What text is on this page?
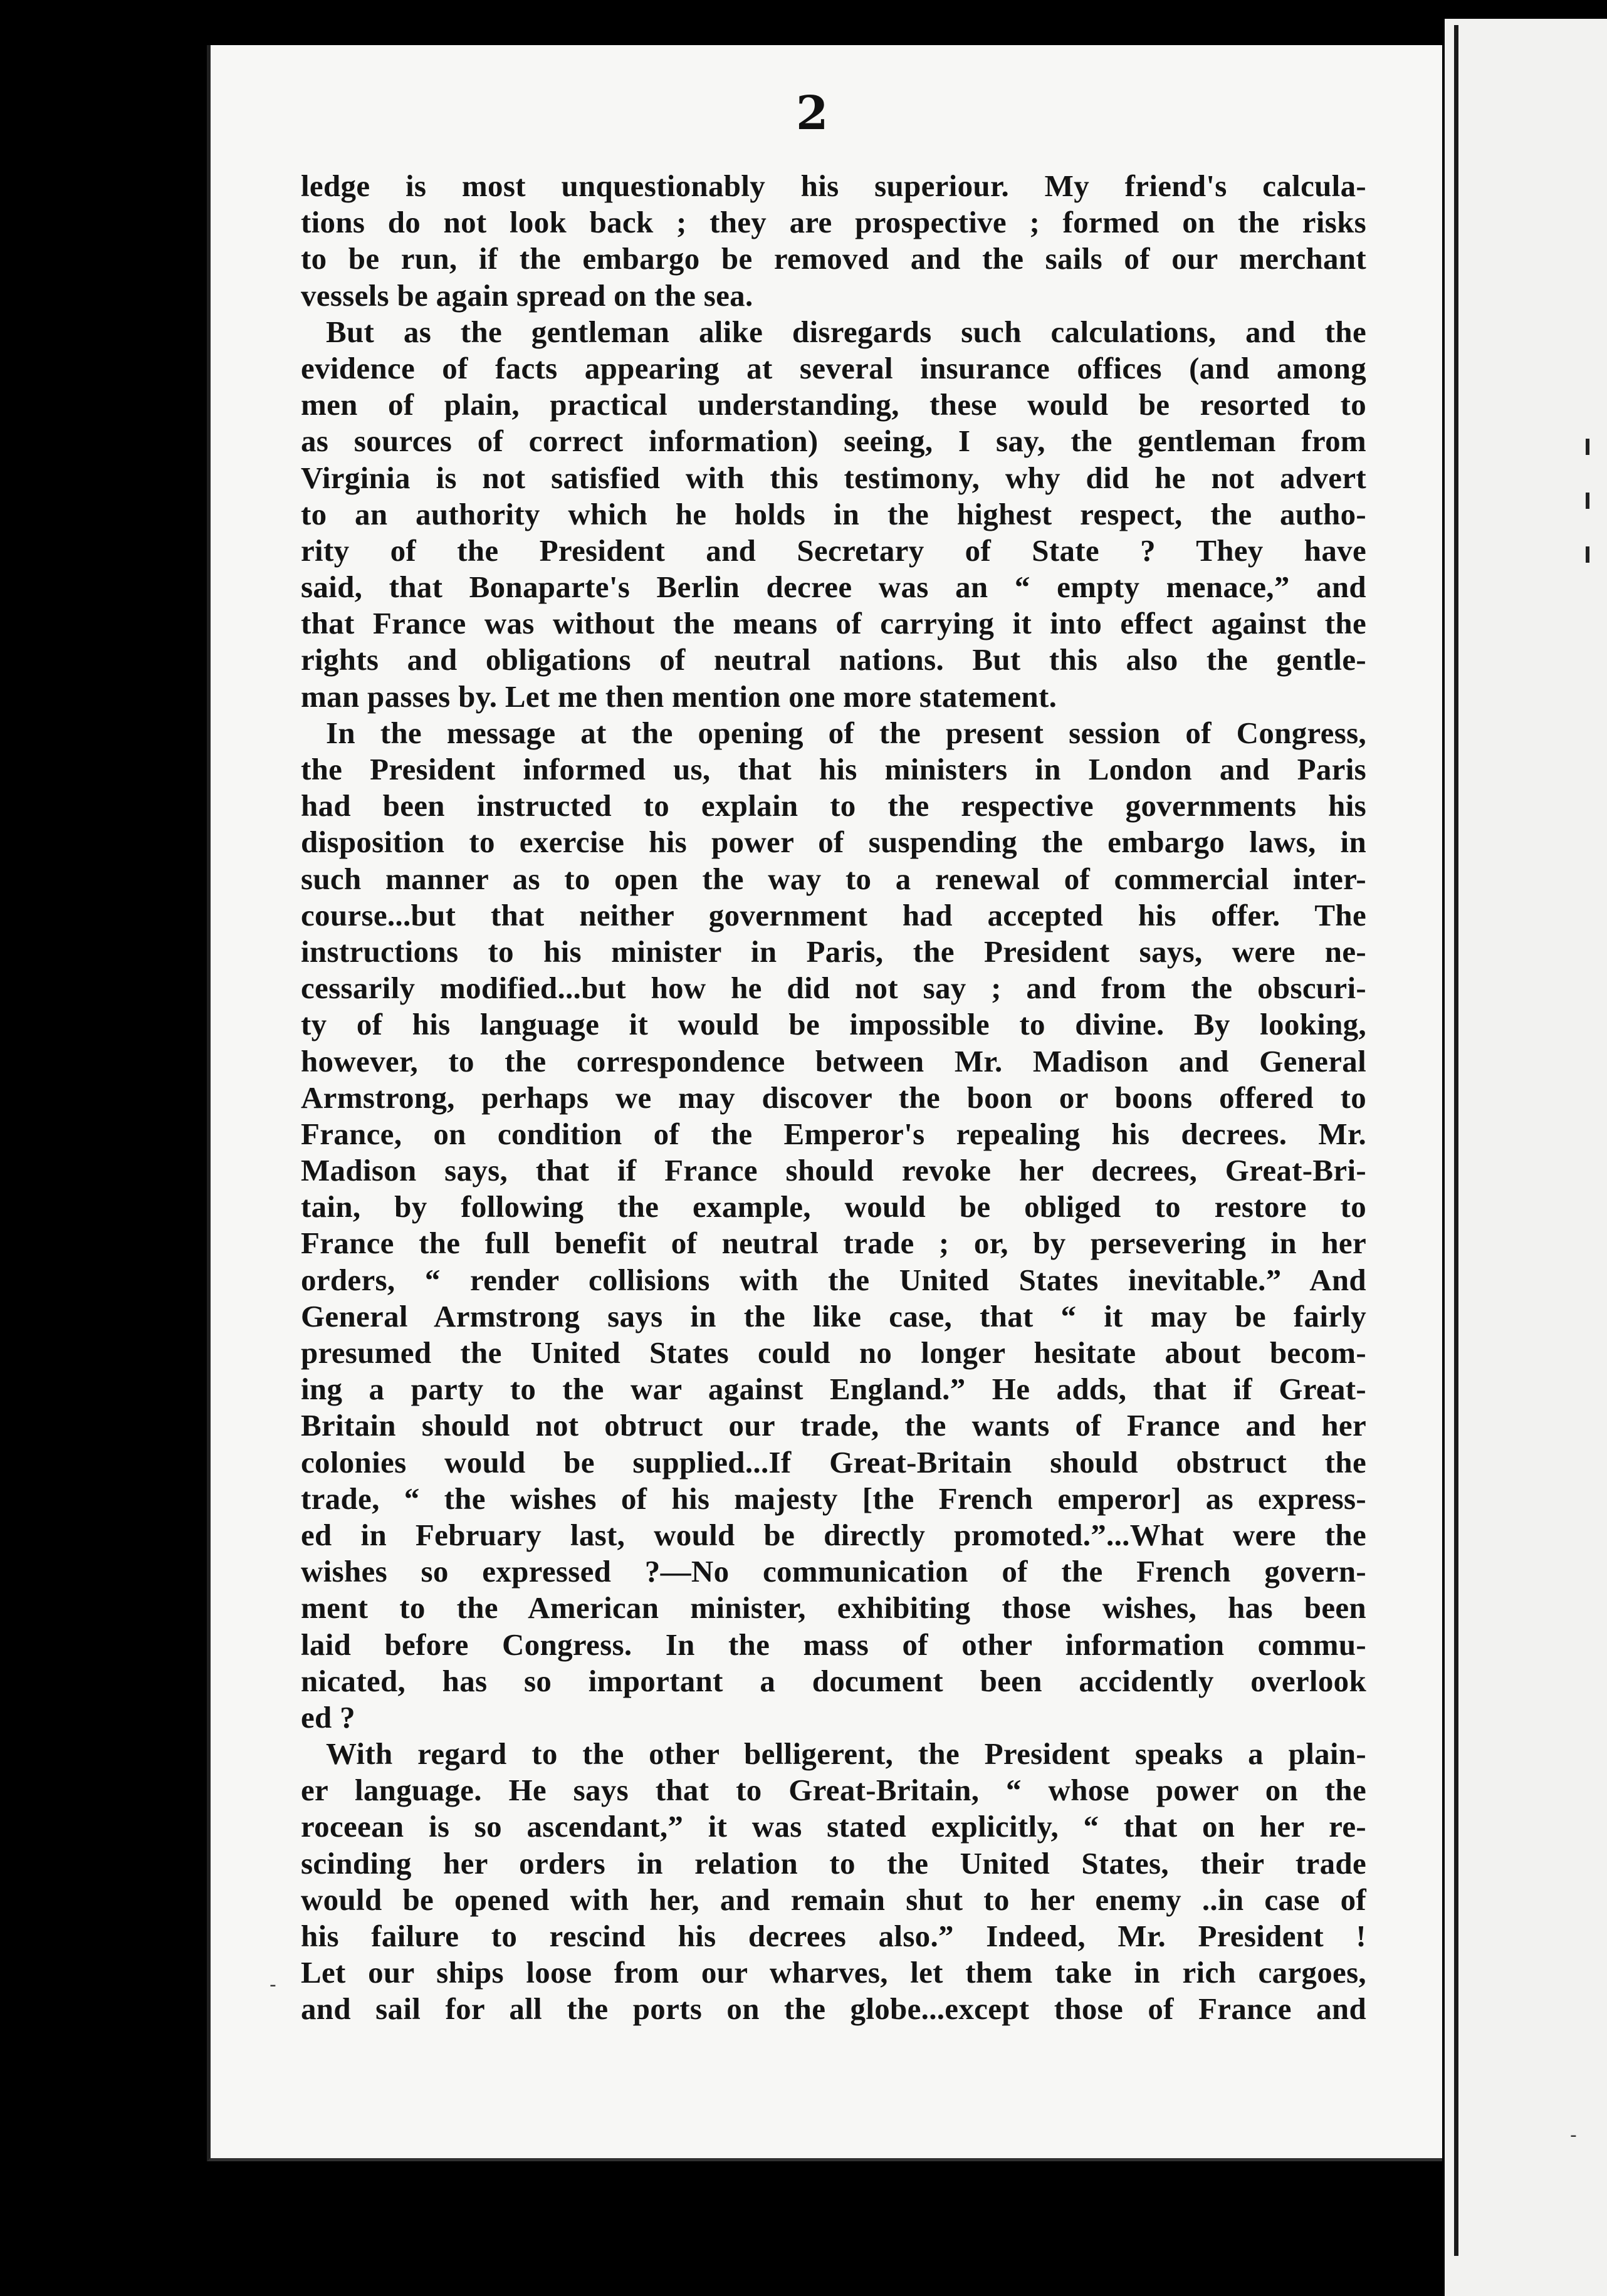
2
ledge is most unquestionably his superiour. My friend's calcula-
tions do not look back ; they are prospective ; formed on the risks
to be run, if the embargo be removed and the sails of our merchant
vessels be again spread on the sea.
But as the gentleman alike disregards such calculations, and the
evidence of facts appearing at several insurance offices (and among
men of plain, practical understanding, these would be resorted to
as sources of correct information) seeing, I say, the gentleman from
Virginia is not satisfied with this testimony, why did he not advert
to an authority which he holds in the highest respect, the autho-
rity of the President and Secretary of State ? They have
said, that Bonaparte's Berlin decree was an “ empty menace,” and
that France was without the means of carrying it into effect against the
rights and obligations of neutral nations. But this also the gentle-
man passes by. Let me then mention one more statement.
In the message at the opening of the present session of Congress,
the President informed us, that his ministers in London and Paris
had been instructed to explain to the respective governments his
disposition to exercise his power of suspending the embargo laws, in
such manner as to open the way to a renewal of commercial inter-
course...but that neither government had accepted his offer. The
instructions to his minister in Paris, the President says, were ne-
cessarily modified...but how he did not say ; and from the obscuri-
ty of his language it would be impossible to divine. By looking,
however, to the correspondence between Mr. Madison and General
Armstrong, perhaps we may discover the boon or boons offered to
France, on condition of the Emperor's repealing his decrees. Mr.
Madison says, that if France should revoke her decrees, Great-Bri-
tain, by following the example, would be obliged to restore to
France the full benefit of neutral trade ; or, by persevering in her
orders, “ render collisions with the United States inevitable.” And
General Armstrong says in the like case, that “ it may be fairly
presumed the United States could no longer hesitate about becom-
ing a party to the war against England.” He adds, that if Great-
Britain should not obtruct our trade, the wants of France and her
colonies would be supplied...If Great-Britain should obstruct the
trade, “ the wishes of his majesty [the French emperor] as express-
ed in February last, would be directly promoted.”...What were the
wishes so expressed ?—No communication of the French govern-
ment to the American minister, exhibiting those wishes, has been
laid before Congress. In the mass of other information commu-
nicated, has so important a document been accidently overlook
ed ?
With regard to the other belligerent, the President speaks a plain-
er language. He says that to Great-Britain, “ whose power on the
roceean is so ascendant,” it was stated explicitly, “ that on her re-
scinding her orders in relation to the United States, their trade
would be opened with her, and remain shut to her enemy ..in case of
his failure to rescind his decrees also.” Indeed, Mr. President !
Let our ships loose from our wharves, let them take in rich cargoes,
and sail for all the ports on the globe...except those of France and
-
-
